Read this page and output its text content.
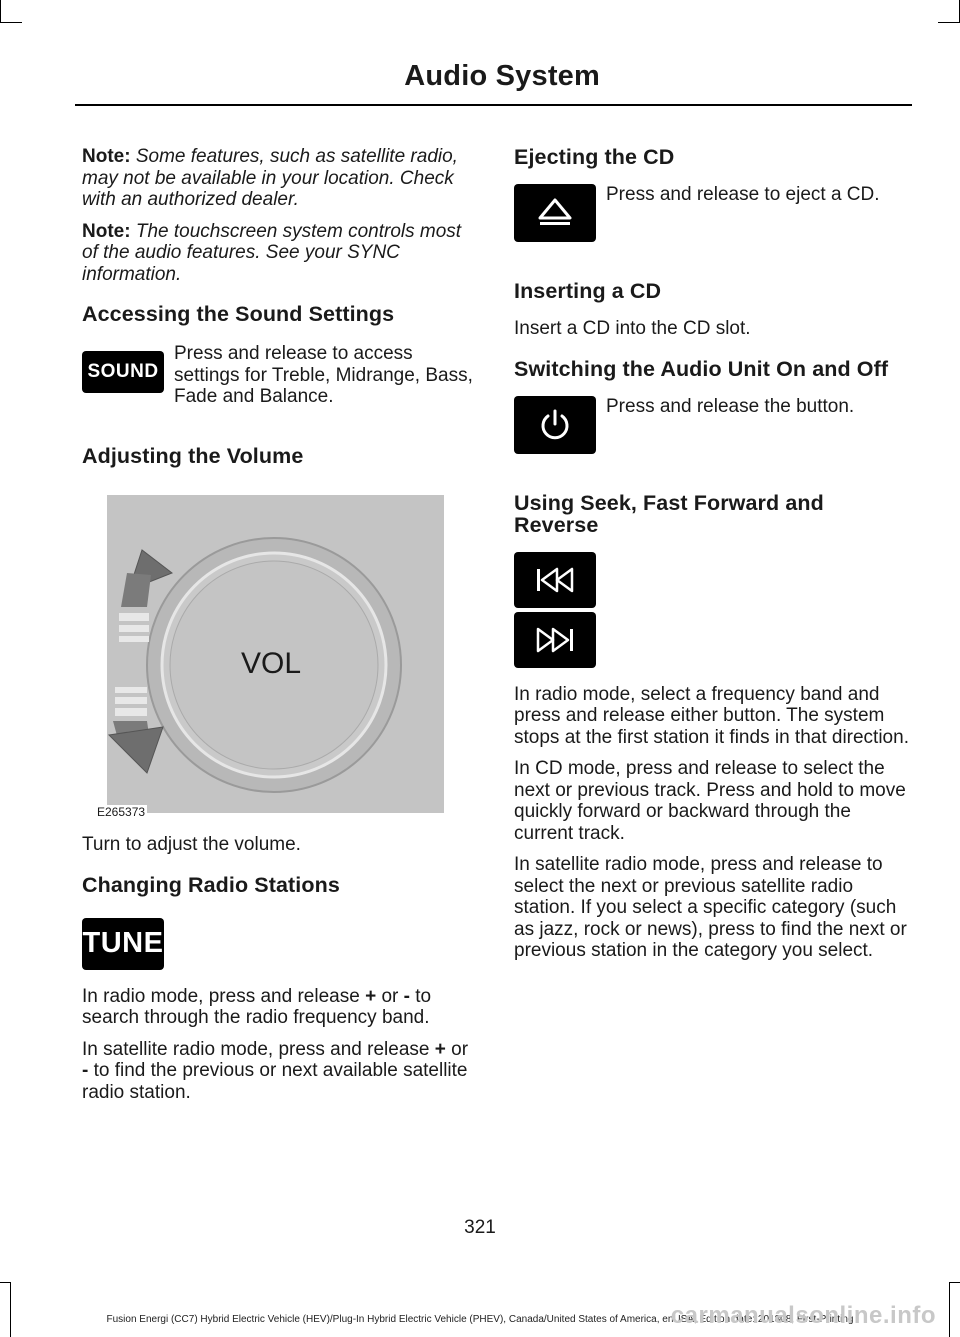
Audio System

Note: Some features, such as satellite radio, may not be available in your location. Check with an authorized dealer.

Note: The touchscreen system controls most of the audio features. See your SYNC information.

Accessing the Sound Settings
SOUND
Press and release to access settings for Treble, Midrange, Bass, Fade and Balance.
Adjusting the Volume
VOL
E265373

Turn to adjust the volume.

Changing Radio Stations
TUNE

In radio mode, press and release + or - to search through the radio frequency band.

In satellite radio mode, press and release + or - to find the previous or next available satellite radio station.

Ejecting the CD
Press and release to eject a CD.
Inserting a CD

Insert a CD into the CD slot.

Switching the Audio Unit On and Off
Press and release the button.
Using Seek, Fast Forward and Reverse

In radio mode, select a frequency band and press and release either button. The system stops at the first station it finds in that direction.

In CD mode, press and release to select the next or previous track. Press and hold to move quickly forward or backward through the current track.

In satellite radio mode, press and release to select the next or previous satellite radio station. If you select a specific category (such as jazz, rock or news), press to find the next or previous station in the category you select.

321
Fusion Energi (CC7) Hybrid Electric Vehicle (HEV)/Plug-In Hybrid Electric Vehicle (PHEV), Canada/United States of America, enUSA, Edition date: 201808, First-Printing
carmanualsonline.info
